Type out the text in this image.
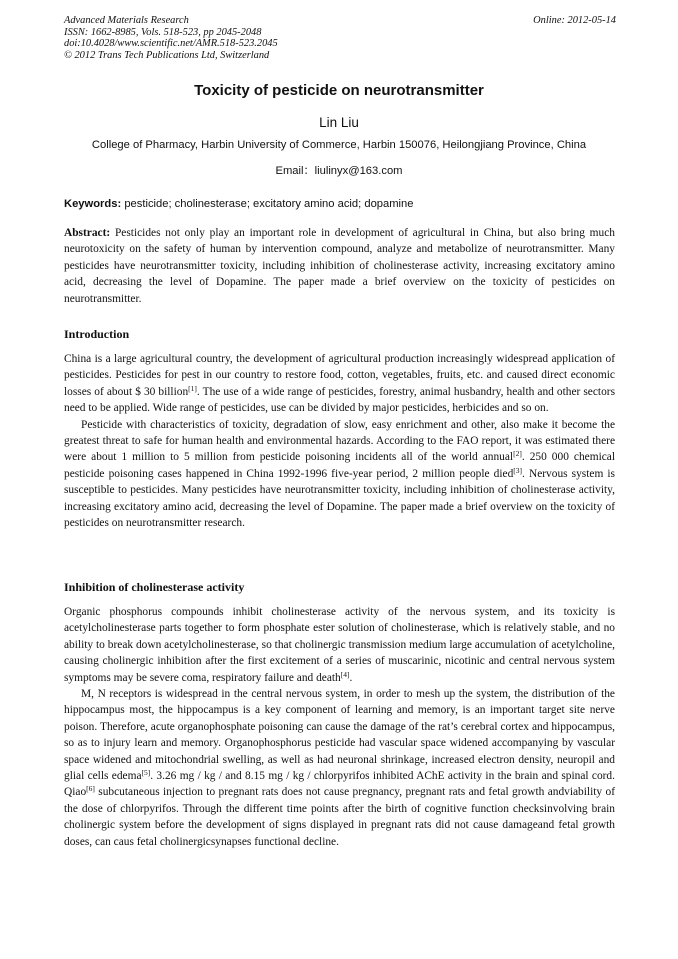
Advanced Materials Research
ISSN: 1662-8985, Vols. 518-523, pp 2045-2048
doi:10.4028/www.scientific.net/AMR.518-523.2045
© 2012 Trans Tech Publications Ltd, Switzerland
Online: 2012-05-14
Toxicity of pesticide on neurotransmitter
Lin Liu
College of Pharmacy, Harbin University of Commerce, Harbin 150076, Heilongjiang Province, China
Email：liulinyx@163.com
Keywords: pesticide; cholinesterase; excitatory amino acid; dopamine

Abstract: Pesticides not only play an important role in development of agricultural in China, but also bring much neurotoxicity on the safety of human by intervention compound, analyze and metabolize of neurotransmitter. Many pesticides have neurotransmitter toxicity, including inhibition of cholinesterase activity, increasing excitatory amino acid, decreasing the level of Dopamine. The paper made a brief overview on the toxicity of pesticides on neurotransmitter.

Introduction

China is a large agricultural country, the development of agricultural production increasingly widespread application of pesticides. Pesticides for pest in our country to restore food, cotton, vegetables, fruits, etc. and caused direct economic losses of about $ 30 billion[1]. The use of a wide range of pesticides, forestry, animal husbandry, health and other sectors need to be applied. Wide range of pesticides, use can be divided by major pesticides, herbicides and so on.

Pesticide with characteristics of toxicity, degradation of slow, easy enrichment and other, also make it become the greatest threat to safe for human health and environmental hazards. According to the FAO report, it was estimated there were about 1 million to 5 million from pesticide poisoning incidents all of the world annual[2]. 250 000 chemical pesticide poisoning cases happened in China 1992-1996 five-year period, 2 million people died[3]. Nervous system is susceptible to pesticides. Many pesticides have neurotransmitter toxicity, including inhibition of cholinesterase activity, increasing excitatory amino acid, decreasing the level of Dopamine. The paper made a brief overview on the toxicity of pesticides on neurotransmitter research.

Inhibition of cholinesterase activity

Organic phosphorus compounds inhibit cholinesterase activity of the nervous system, and its toxicity is acetylcholinesterase parts together to form phosphate ester solution of cholinesterase, which is relatively stable, and no ability to break down acetylcholinesterase, so that cholinergic transmission medium large accumulation of acetylcholine, causing cholinergic inhibition after the first excitement of a series of muscarinic, nicotinic and central nervous system symptoms may be severe coma, respiratory failure and death[4].

M, N receptors is widespread in the central nervous system, in order to mesh up the system, the distribution of the hippocampus most, the hippocampus is a key component of learning and memory, is an important target site nerve poison. Therefore, acute organophosphate poisoning can cause the damage of the rat’s cerebral cortex and hippocampus, so as to injury learn and memory. Organophosphorus pesticide had vascular space widened accompanying by vascular space widened and mitochondrial swelling, as well as had neuronal shrinkage, increased electron density, neuropil and glial cells edema[5]. 3.26 mg / kg / and 8.15 mg / kg / chlorpyrifos inhibited AChE activity in the brain and spinal cord. Qiao[6] subcutaneous injection to pregnant rats does not cause pregnancy, pregnant rats and fetal growth andviability of the dose of chlorpyrifos. Through the different time points after the birth of cognitive function checksinvolving brain cholinergic system before the development of signs displayed in pregnant rats did not cause damageand fetal growth doses, can caus fetal cholinergicsynapses functional decline.
